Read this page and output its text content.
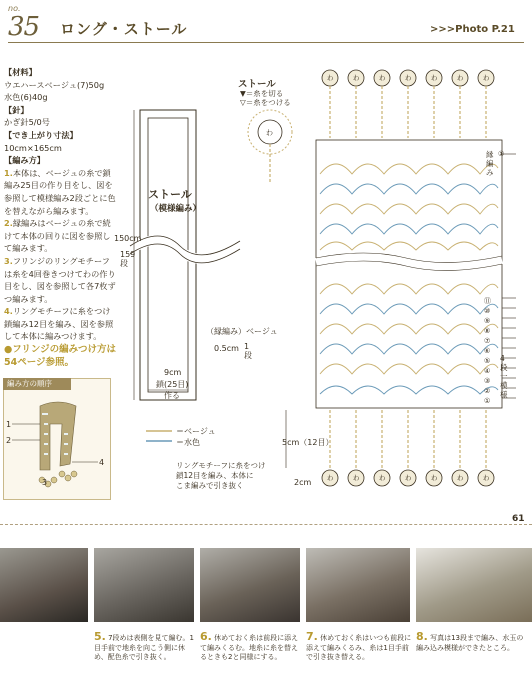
no.
35 ロング・ストール	>>>Photo P.21
【材料】
ウエハースベージュ(7)50g
水色(6)40g
【針】
かぎ針5/0号
【でき上がり寸法】
10cm×165cm
【編み方】
1.本体は、ベージュの糸で鎖編み25目の作り目をし、図を参照して模様編み2段ごとに色を替えながら編みます。
2.縁編みはベージュの糸で続けて本体の回りに図を参照して編みます。
3.フリンジのリングモチーフは糸を4回巻きつけてわの作り目をし、図を参照して各7枚ずつ編みます。
4.リングモチーフに糸をつけ鎖編み12目を編み、図を参照して本体に編みつけます。
●フリンジの編みつけ方は54ページ参照。
ストール
（模様編み）
150cm
159段
（縁編み）ベージュ
0.5cm 1段
9cm
鎖(25目)
作る
＝ベージュ
＝水色
編み方の順序
1
2
3
4
ストール
▼＝糸を切る
▽＝糸をつける
わ
わ	わ	わ	わ	わ	わ	わ
わ	わ	わ	わ	わ	わ	わ
縁編み
①
⑪
⑩
⑨
⑧
⑦
⑥
⑤
④
③
②
①
4段一模様
5cm（12目）
2cm
リングモチーフに糸をつけ
鎖12目を編み、本体に
こま編みで引き抜く
61
5. 7段めは表側を見て編む。1目手前で地糸を向こう側に休め、配色糸で引き抜く。
6. 休めておく糸は前段に添えて編みくるむ。地糸に糸を替えるときも2と同様にする。
7. 休めておく糸はいつも前段に添えて編みくるみ、糸は1目手前で引き抜き替える。
8. 写真は13段まで編み、水玉の編み込み模様ができたところ。
